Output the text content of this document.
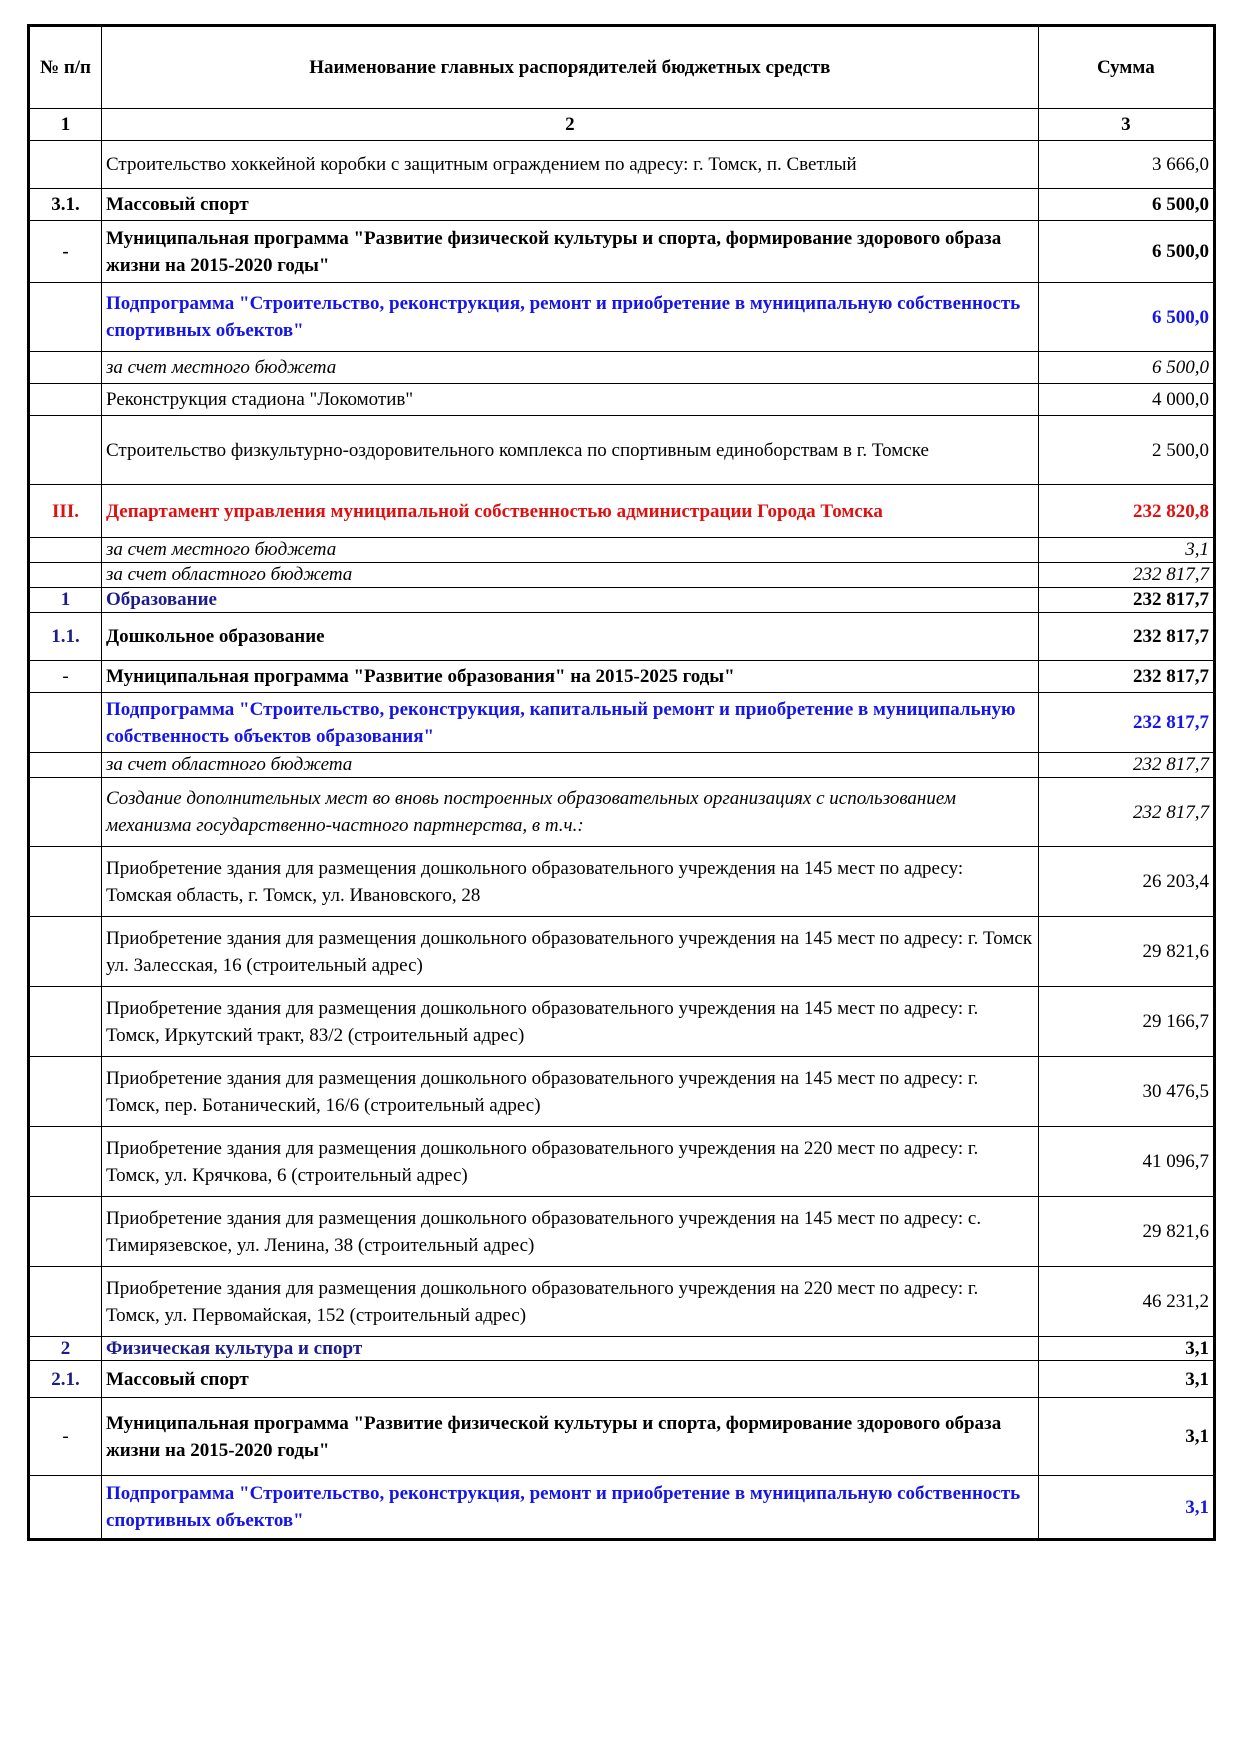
№ п/п	Наименование главных распорядителей бюджетных средств	Сумма
1	2	3
	Строительство хоккейной коробки с защитным ограждением по адресу: г. Томск, п. Светлый	3 666,0
3.1.	Массовый спорт	6 500,0
-	Муниципальная программа "Развитие физической культуры и спорта, формирование здорового образа жизни на 2015-2020 годы"	6 500,0
	Подпрограмма "Строительство, реконструкция, ремонт и приобретение в муниципальную собственность спортивных объектов"	6 500,0
	за счет местного бюджета	6 500,0
	Реконструкция стадиона "Локомотив"	4 000,0
	Строительство физкультурно-оздоровительного комплекса по спортивным единоборствам в г. Томске	2 500,0
III.	Департамент управления муниципальной собственностью администрации Города Томска	232 820,8
	за счет местного бюджета	3,1
	за счет областного бюджета	232 817,7
1	Образование	232 817,7
1.1.	Дошкольное образование	232 817,7
-	Муниципальная программа "Развитие образования" на 2015-2025 годы"	232 817,7
	Подпрограмма "Строительство, реконструкция, капитальный ремонт и приобретение в муниципальную собственность объектов образования"	232 817,7
	за счет областного бюджета	232 817,7
	Создание дополнительных мест во вновь построенных образовательных организациях с использованием механизма государственно-частного партнерства, в т.ч.:	232 817,7
	Приобретение здания для размещения дошкольного образовательного учреждения на 145 мест по адресу: Томская область, г. Томск, ул. Ивановского, 28	26 203,4
	Приобретение здания для размещения дошкольного образовательного учреждения на 145 мест по адресу: г. Томск ул. Залесская, 16 (строительный адрес)	29 821,6
	Приобретение здания для размещения дошкольного образовательного учреждения на 145 мест по адресу: г. Томск, Иркутский тракт, 83/2 (строительный адрес)	29 166,7
	Приобретение здания для размещения дошкольного образовательного учреждения на 145 мест по адресу: г. Томск, пер. Ботанический, 16/6 (строительный адрес)	30 476,5
	Приобретение здания для размещения дошкольного образовательного учреждения на 220 мест по адресу: г. Томск, ул. Крячкова, 6 (строительный адрес)	41 096,7
	Приобретение здания для размещения дошкольного образовательного учреждения на 145 мест по адресу: с. Тимирязевское, ул. Ленина, 38 (строительный адрес)	29 821,6
	Приобретение здания для размещения дошкольного образовательного учреждения на 220 мест по адресу: г. Томск, ул. Первомайская, 152 (строительный адрес)	46 231,2
2	Физическая культура и спорт	3,1
2.1.	Массовый спорт	3,1
-	Муниципальная программа "Развитие физической культуры и спорта, формирование здорового образа жизни на 2015-2020 годы"	3,1
	Подпрограмма "Строительство, реконструкция, ремонт и приобретение в муниципальную собственность спортивных объектов"	3,1
